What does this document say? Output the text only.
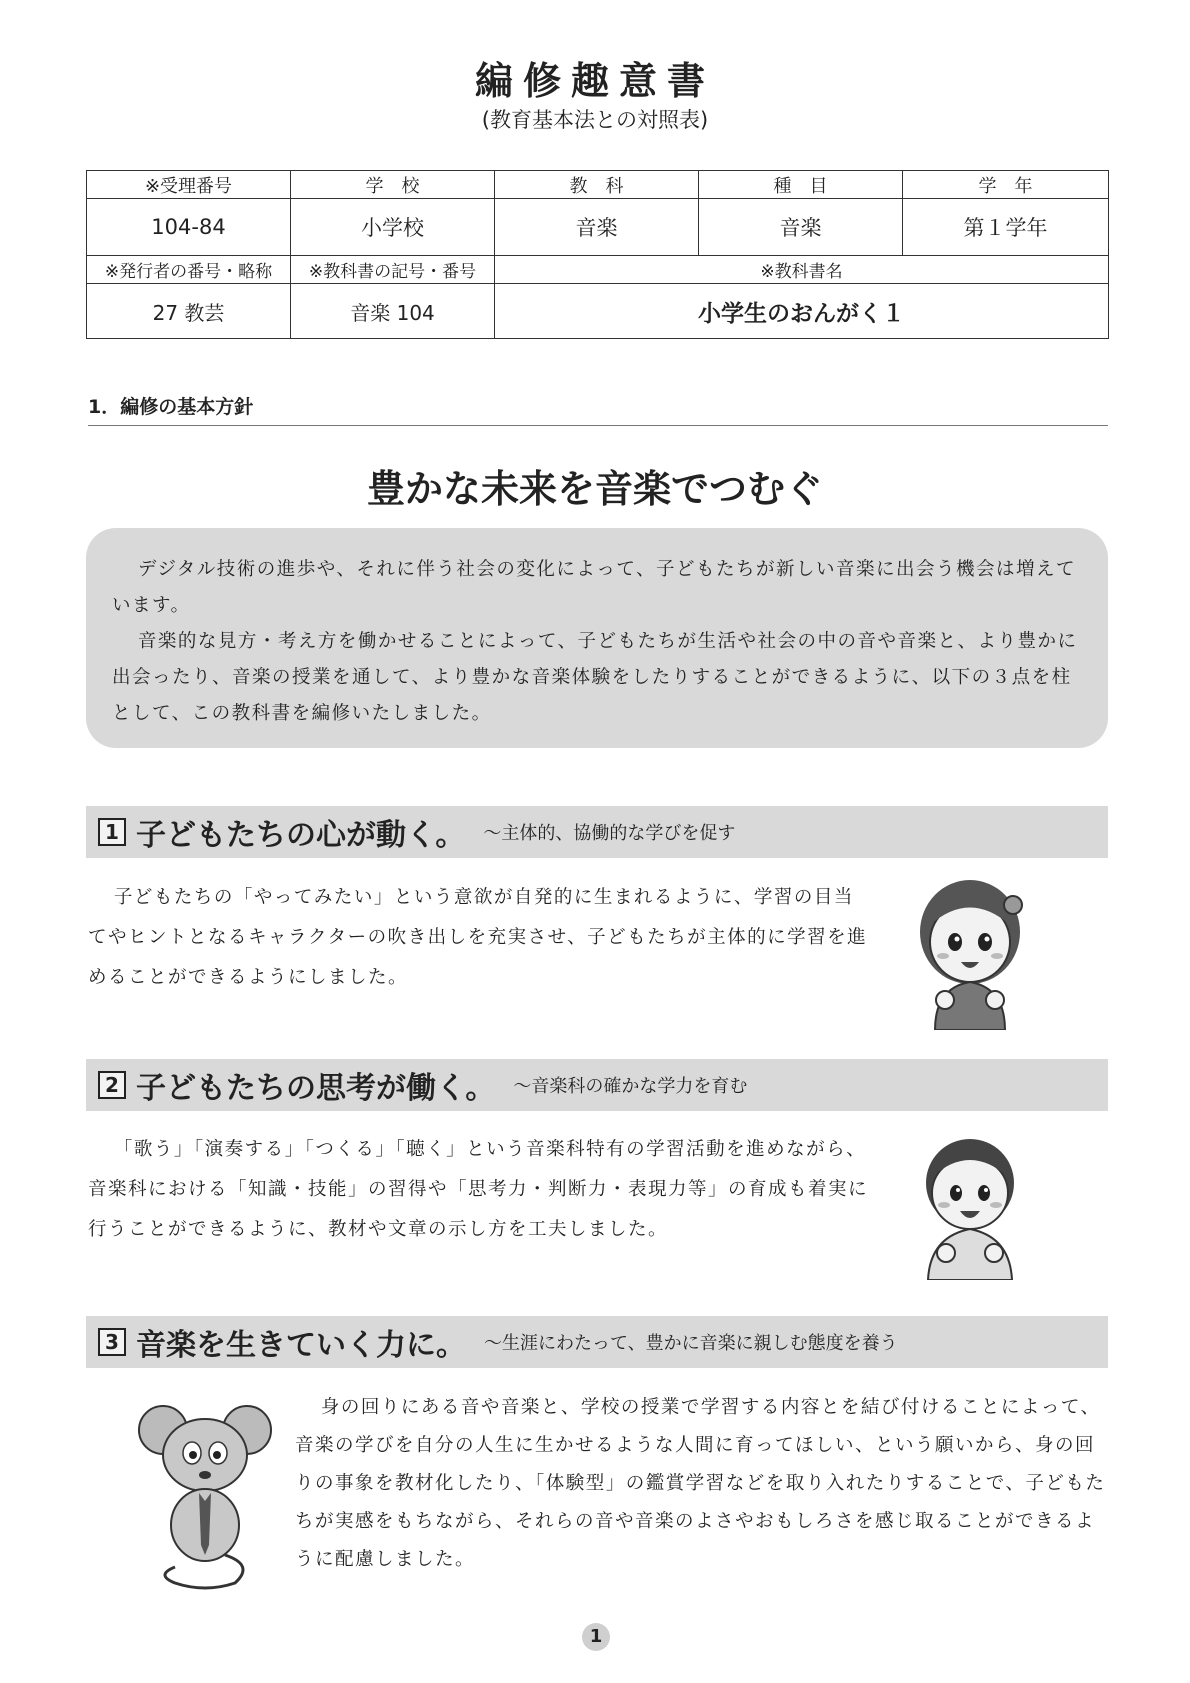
編修趣意書
(教育基本法との対照表)
※受理番号	学　校	教　科	種　目	学　年
104-84	小学校	音楽	音楽	第１学年
※発行者の番号・略称	※教科書の記号・番号	※教科書名		
27 教芸	音楽 104	小学生のおんがく１		
1．編修の基本方針
豊かな未来を音楽でつむぐ

デジタル技術の進歩や、それに伴う社会の変化によって、子どもたちが新しい音楽に出会う機会は増えています。

音楽的な見方・考え方を働かせることによって、子どもたちが生活や社会の中の音や音楽と、より豊かに出会ったり、音楽の授業を通して、より豊かな音楽体験をしたりすることができるように、以下の３点を柱として、この教科書を編修いたしました。

1 子どもたちの心が動く。 〜主体的、協働的な学びを促す

子どもたちの「やってみたい」という意欲が自発的に生まれるように、学習の目当てやヒントとなるキャラクターの吹き出しを充実させ、子どもたちが主体的に学習を進めることができるようにしました。

2 子どもたちの思考が働く。 〜音楽科の確かな学力を育む

「歌う」「演奏する」「つくる」「聴く」という音楽科特有の学習活動を進めながら、音楽科における「知識・技能」の習得や「思考力・判断力・表現力等」の育成も着実に行うことができるように、教材や文章の示し方を工夫しました。

3 音楽を生きていく力に。 〜生涯にわたって、豊かに音楽に親しむ態度を養う

身の回りにある音や音楽と、学校の授業で学習する内容とを結び付けることによって、音楽の学びを自分の人生に生かせるような人間に育ってほしい、という願いから、身の回りの事象を教材化したり、「体験型」の鑑賞学習などを取り入れたりすることで、子どもたちが実感をもちながら、それらの音や音楽のよさやおもしろさを感じ取ることができるように配慮しました。

1
